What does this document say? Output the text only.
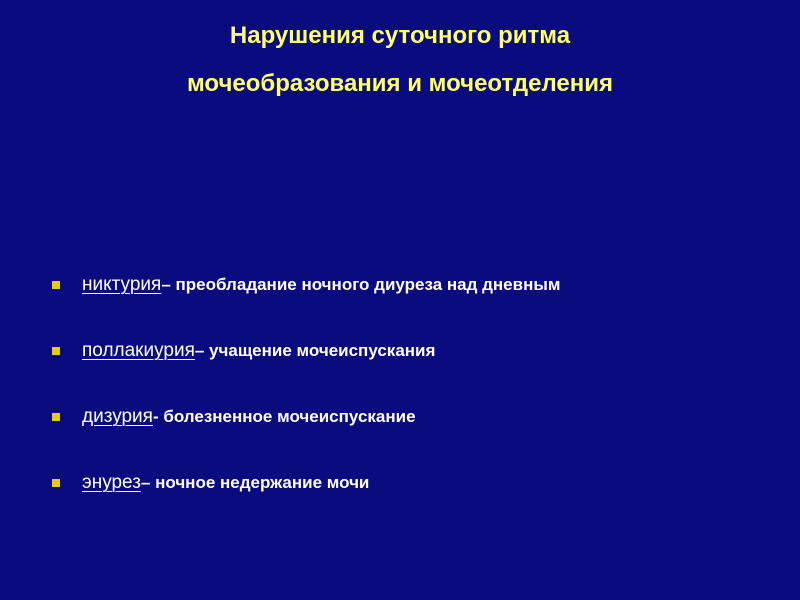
Нарушения суточного ритма
мочеобразования и мочеотделения
никтурия – преобладание ночного диуреза над дневным
поллакиурия – учащение мочеиспускания
дизурия - болезненное мочеиспускание
энурез – ночное недержание мочи
